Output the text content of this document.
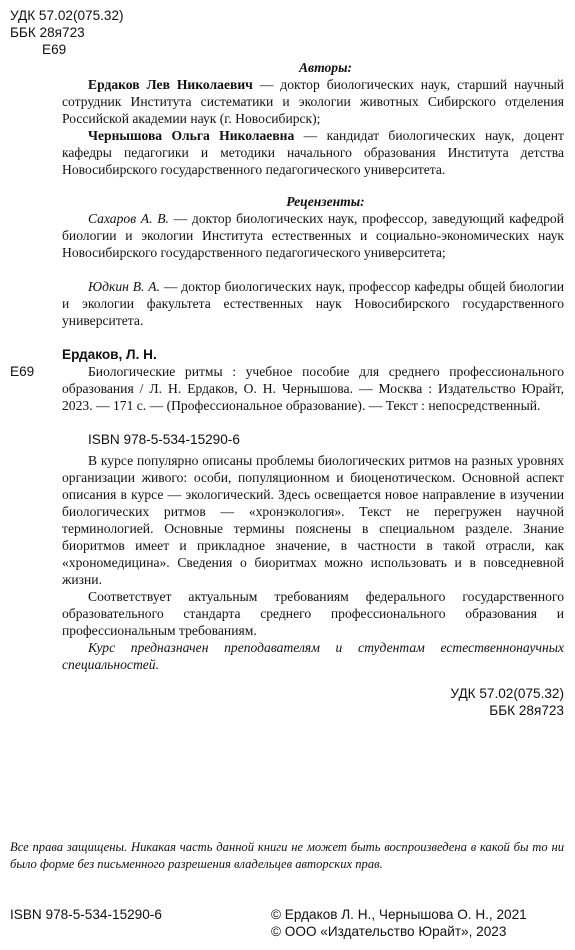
УДК 57.02(075.32)
ББК 28я723
Е69
Авторы:

Ердаков Лев Николаевич — доктор биологических наук, старший научный сотрудник Института систематики и экологии животных Сибирского отделения Российской академии наук (г. Новосибирск);

Чернышова Ольга Николаевна — кандидат биологических наук, доцент кафедры педагогики и методики начального образования Института детства Новосибирского государственного педагогического университета.

Рецензенты:

Сахаров А. В. — доктор биологических наук, профессор, заведующий кафедрой биологии и экологии Института естественных и социально-экономических наук Новосибирского государственного педагогического университета;

Юдкин В. А. — доктор биологических наук, профессор кафедры общей биологии и экологии факультета естественных наук Новосибирского государственного университета.

Е69
Ердаков, Л. Н.

Биологические ритмы : учебное пособие для среднего профессионального образования / Л. Н. Ердаков, О. Н. Чернышова. — Москва : Издательство Юрайт, 2023. — 171 с. — (Профессиональное образование). — Текст : непосредственный.

ISBN 978-5-534-15290-6

В курсе популярно описаны проблемы биологических ритмов на разных уровнях организации живого: особи, популяционном и биоценотическом. Основной аспект описания в курсе — экологический. Здесь освещается новое направление в изучении биологических ритмов — «хронэкология». Текст не перегружен научной терминологией. Основные термины пояснены в специальном разделе. Знание биоритмов имеет и прикладное значение, в частности в такой отрасли, как «хрономедицина». Сведения о биоритмах можно использовать и в повседневной жизни.

Соответствует актуальным требованиям федерального государственного образовательного стандарта среднего профессионального образования и профессиональным требованиям.

Курс предназначен преподавателям и студентам естественнонаучных специальностей.

УДК 57.02(075.32)
ББК 28я723

Все права защищены. Никакая часть данной книги не может быть воспроизведена в какой бы то ни было форме без письменного разрешения владельцев авторских прав.

ISBN 978-5-534-15290-6	© Ердаков Л. Н., Чернышова О. Н., 2021
© ООО «Издательство Юрайт», 2023
